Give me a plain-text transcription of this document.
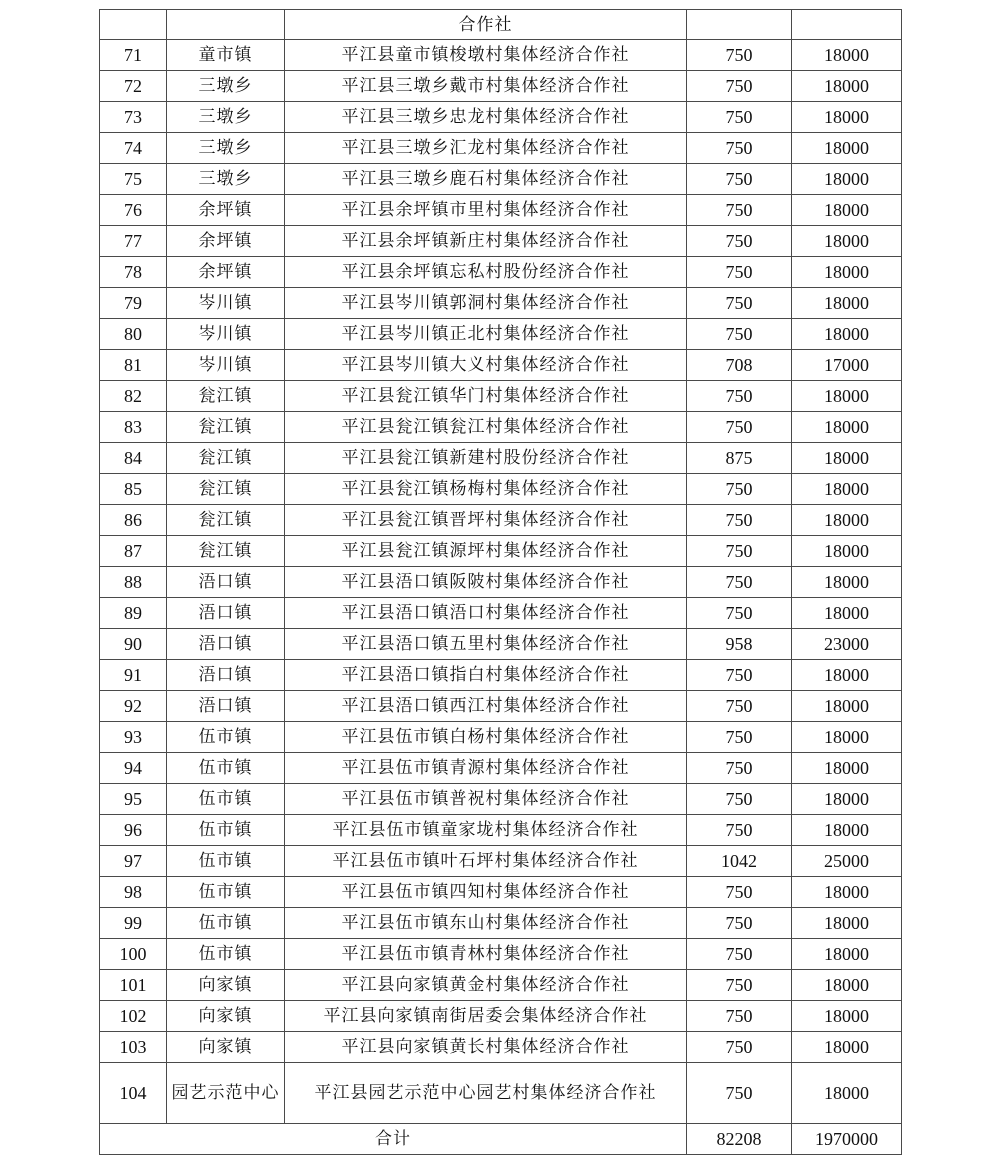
		合作社		
71	童市镇	平江县童市镇梭墩村集体经济合作社	750	18000
72	三墩乡	平江县三墩乡戴市村集体经济合作社	750	18000
73	三墩乡	平江县三墩乡忠龙村集体经济合作社	750	18000
74	三墩乡	平江县三墩乡汇龙村集体经济合作社	750	18000
75	三墩乡	平江县三墩乡鹿石村集体经济合作社	750	18000
76	余坪镇	平江县余坪镇市里村集体经济合作社	750	18000
77	余坪镇	平江县余坪镇新庄村集体经济合作社	750	18000
78	余坪镇	平江县余坪镇忘私村股份经济合作社	750	18000
79	岑川镇	平江县岑川镇郭洞村集体经济合作社	750	18000
80	岑川镇	平江县岑川镇正北村集体经济合作社	750	18000
81	岑川镇	平江县岑川镇大义村集体经济合作社	708	17000
82	瓮江镇	平江县瓮江镇华门村集体经济合作社	750	18000
83	瓮江镇	平江县瓮江镇瓮江村集体经济合作社	750	18000
84	瓮江镇	平江县瓮江镇新建村股份经济合作社	875	18000
85	瓮江镇	平江县瓮江镇杨梅村集体经济合作社	750	18000
86	瓮江镇	平江县瓮江镇晋坪村集体经济合作社	750	18000
87	瓮江镇	平江县瓮江镇源坪村集体经济合作社	750	18000
88	浯口镇	平江县浯口镇阪陂村集体经济合作社	750	18000
89	浯口镇	平江县浯口镇浯口村集体经济合作社	750	18000
90	浯口镇	平江县浯口镇五里村集体经济合作社	958	23000
91	浯口镇	平江县浯口镇指白村集体经济合作社	750	18000
92	浯口镇	平江县浯口镇西江村集体经济合作社	750	18000
93	伍市镇	平江县伍市镇白杨村集体经济合作社	750	18000
94	伍市镇	平江县伍市镇青源村集体经济合作社	750	18000
95	伍市镇	平江县伍市镇普祝村集体经济合作社	750	18000
96	伍市镇	平江县伍市镇童家垅村集体经济合作社	750	18000
97	伍市镇	平江县伍市镇叶石坪村集体经济合作社	1042	25000
98	伍市镇	平江县伍市镇四知村集体经济合作社	750	18000
99	伍市镇	平江县伍市镇东山村集体经济合作社	750	18000
100	伍市镇	平江县伍市镇青林村集体经济合作社	750	18000
101	向家镇	平江县向家镇黄金村集体经济合作社	750	18000
102	向家镇	平江县向家镇南街居委会集体经济合作社	750	18000
103	向家镇	平江县向家镇黄长村集体经济合作社	750	18000
104	园艺示范中心	平江县园艺示范中心园艺村集体经济合作社	750	18000
合计			82208	1970000
